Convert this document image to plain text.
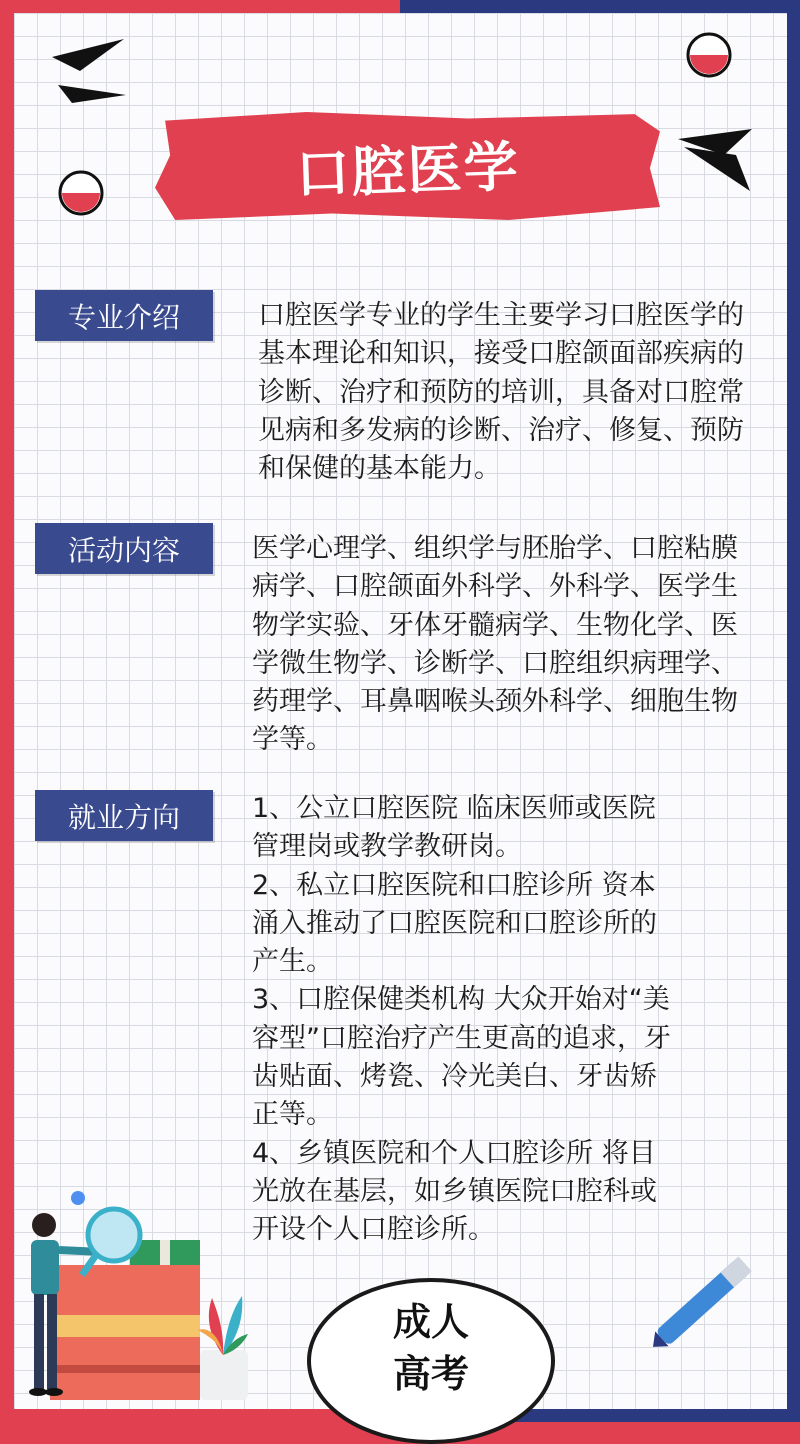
口腔医学
专业介绍	口腔医学专业的学生主要学习口腔医学的基本理论和知识，接受口腔颌面部疾病的诊断、治疗和预防的培训，具备对口腔常见病和多发病的诊断、治疗、修复、预防和保健的基本能力。
活动内容	医学心理学、组织学与胚胎学、口腔粘膜病学、口腔颌面外科学、外科学、医学生物学实验、牙体牙髓病学、生物化学、医学微生物学、诊断学、口腔组织病理学、药理学、耳鼻咽喉头颈外科学、细胞生物学等。
就业方向	1、公立口腔医院 临床医师或医院管理岗或教学教研岗。

2、私立口腔医院和口腔诊所 资本涌入推动了口腔医院和口腔诊所的产生。

3、口腔保健类机构 大众开始对“美容型”口腔治疗产生更高的追求，牙齿贴面、烤瓷、冷光美白、牙齿矫正等。

4、乡镇医院和个人口腔诊所 将目光放在基层，如乡镇医院口腔科或开设个人口腔诊所。

成人
高考
